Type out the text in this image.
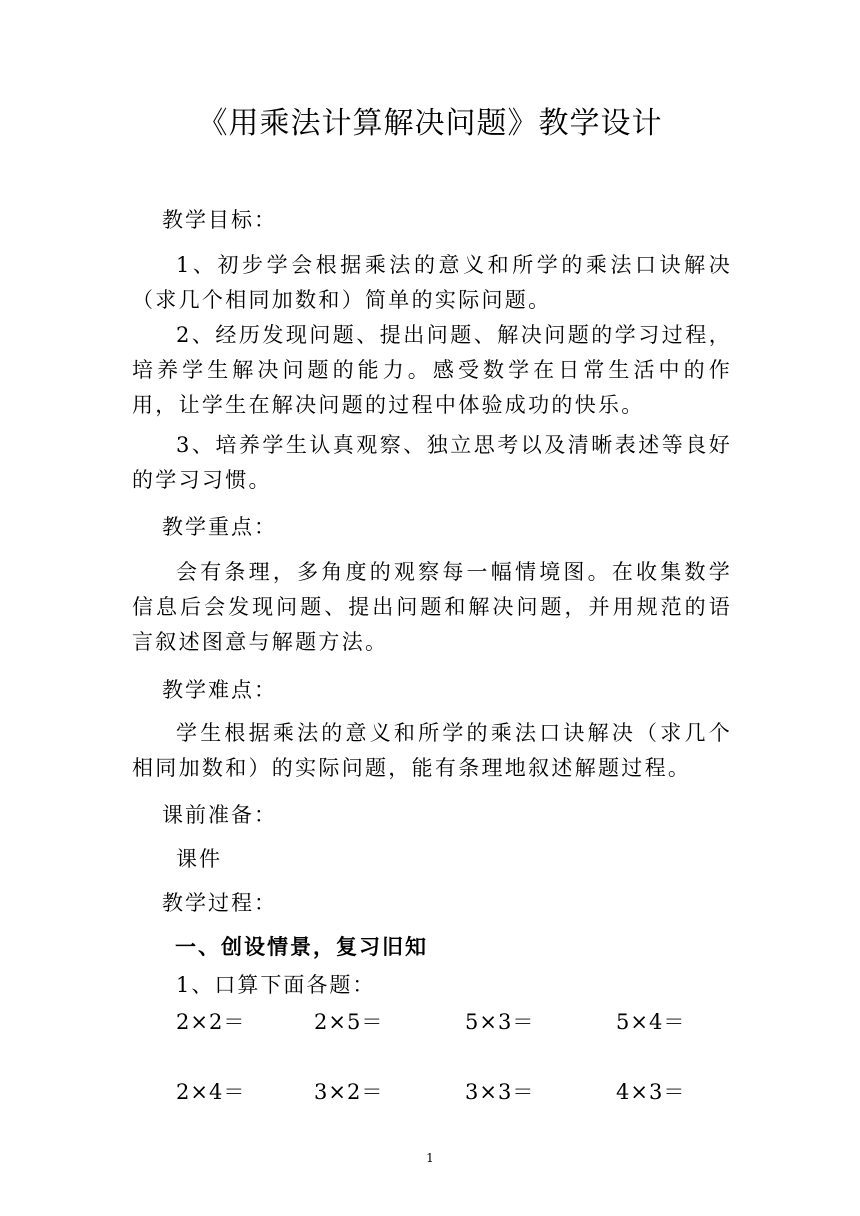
《用乘法计算解决问题》教学设计
教学目标：
1、初步学会根据乘法的意义和所学的乘法口诀解决（求几个相同加数和）简单的实际问题。
2、经历发现问题、提出问题、解决问题的学习过程，培养学生解决问题的能力。感受数学在日常生活中的作用，让学生在解决问题的过程中体验成功的快乐。
3、培养学生认真观察、独立思考以及清晰表述等良好的学习习惯。
教学重点：
会有条理，多角度的观察每一幅情境图。在收集数学信息后会发现问题、提出问题和解决问题，并用规范的语言叙述图意与解题方法。
教学难点：
学生根据乘法的意义和所学的乘法口诀解决（求几个相同加数和）的实际问题，能有条理地叙述解题过程。
课前准备：
课件
教学过程：
一、创设情景，复习旧知
1、口算下面各题：
2×2＝	2×5＝	5×3＝	5×4＝
2×4＝	3×2＝	3×3＝	4×3＝
1
